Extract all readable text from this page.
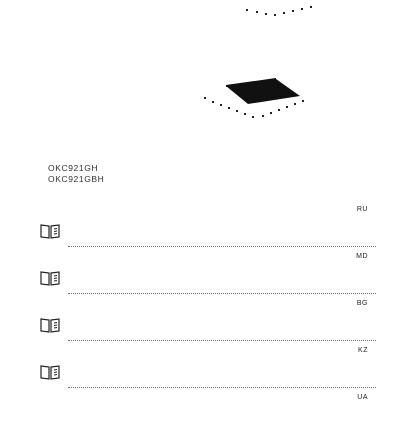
OKC921GH
OKC921GBH
RU
MD
BG
KZ
UA
